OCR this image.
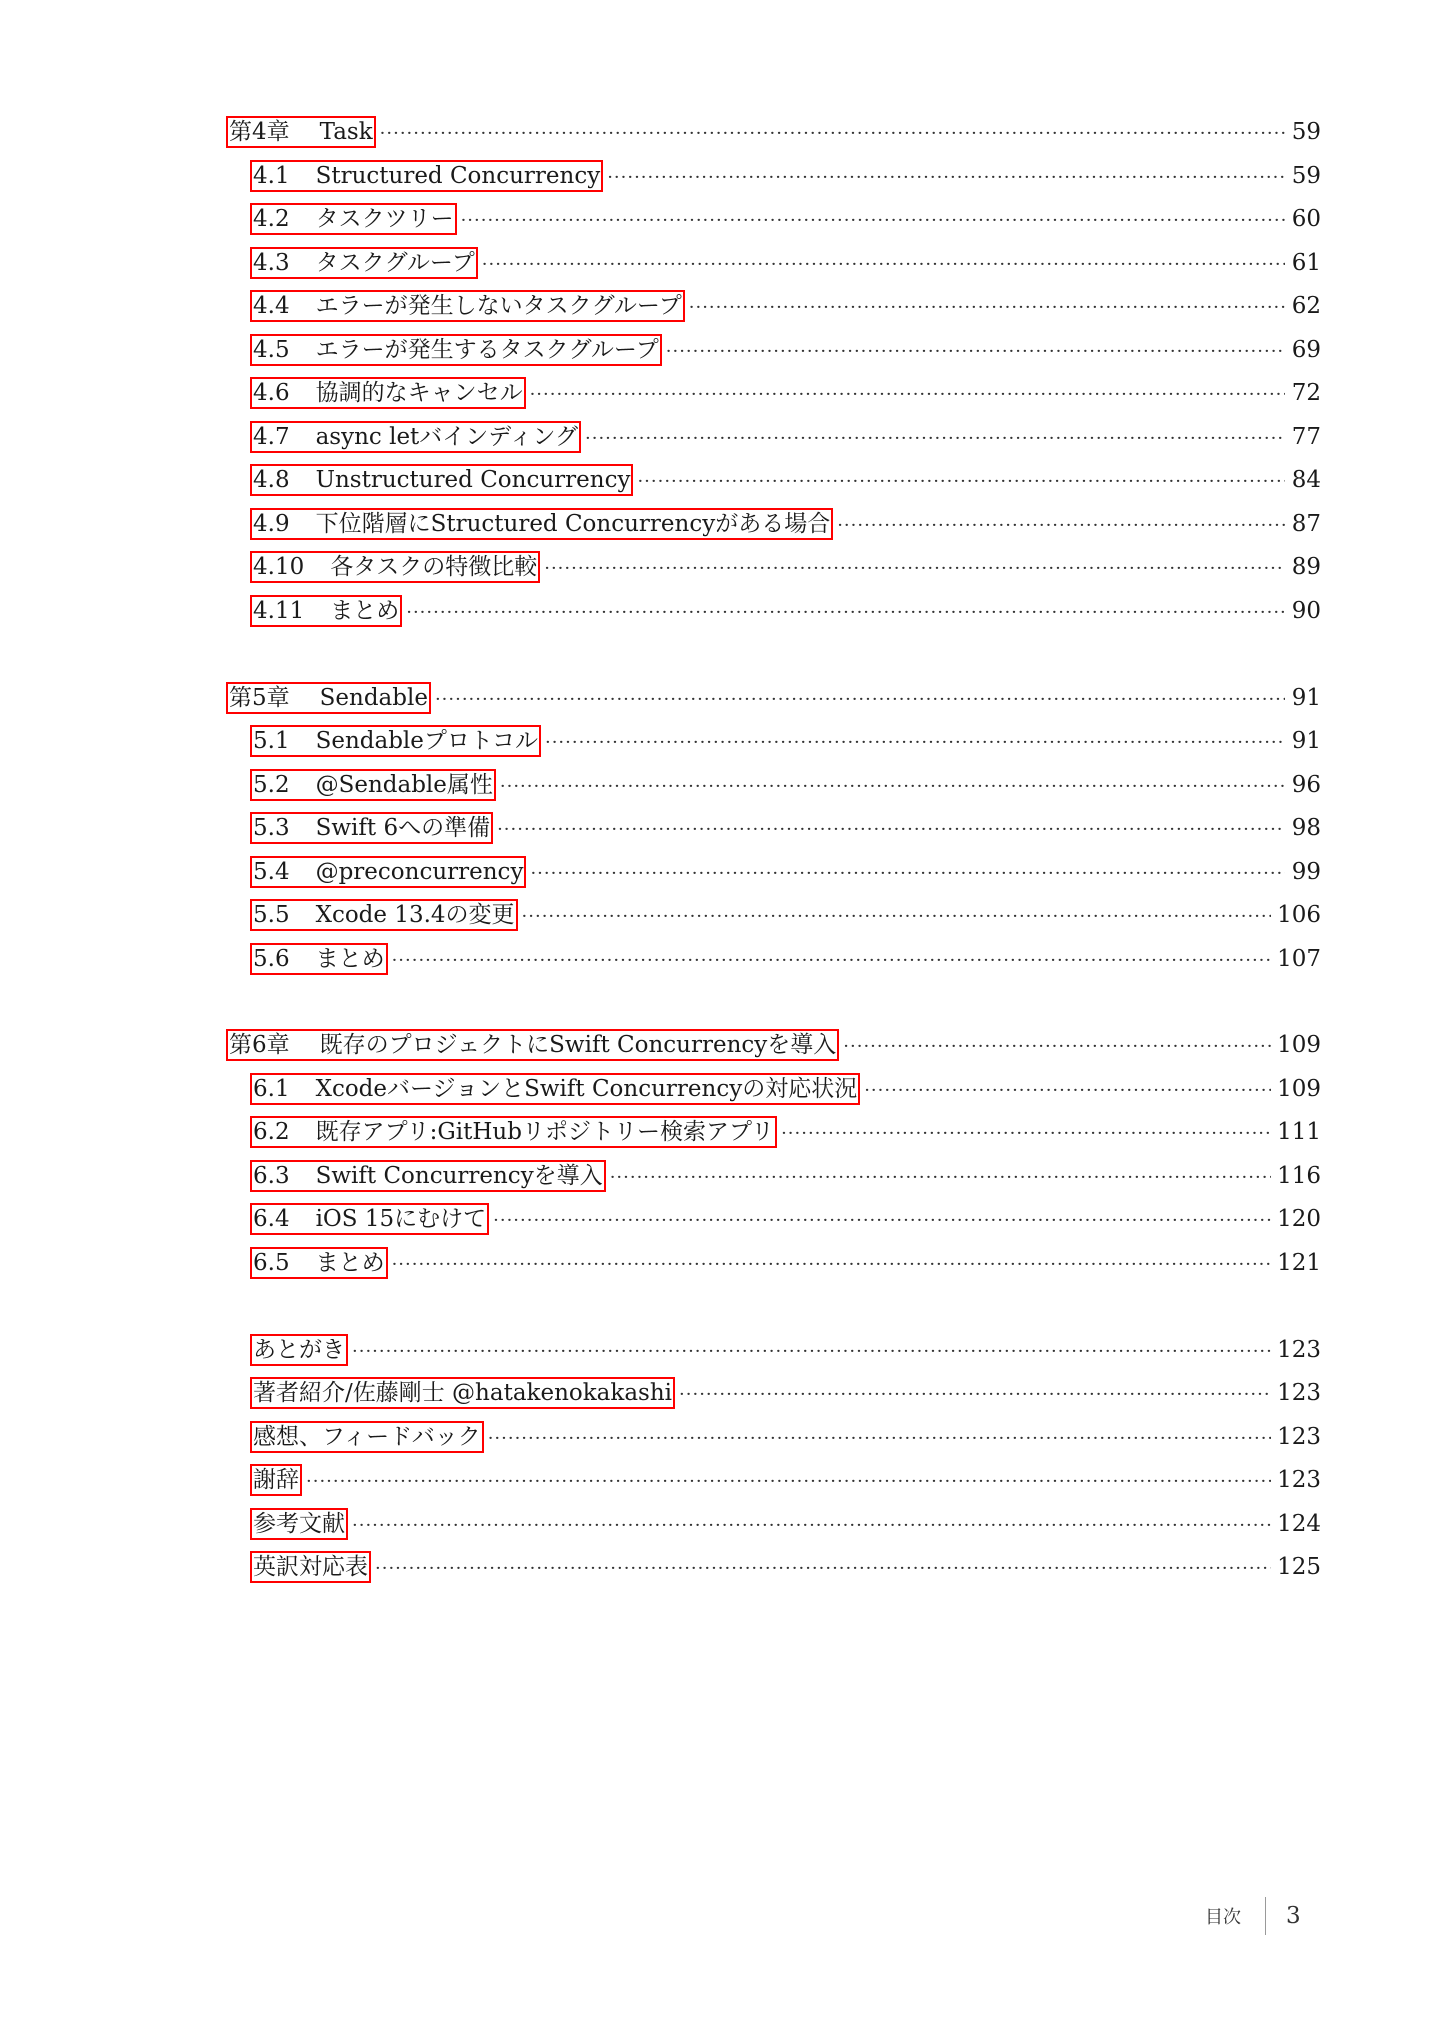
第4章 Task ·····	59
4.1 Structured Concurrency ·····	59
4.2 タスクツリー ·····	60
4.3 タスクグループ ·····	61
4.4 エラーが発生しないタスクグループ ·····	62
4.5 エラーが発生するタスクグループ ·····	69
4.6 協調的なキャンセル ·····	72
4.7 async letバインディング ·····	77
4.8 Unstructured Concurrency ·····	84
4.9 下位階層にStructured Concurrencyがある場合 ·····	87
4.10 各タスクの特徴比較 ·····	89
4.11 まとめ ·····	90
第5章 Sendable ·····	91
5.1 Sendableプロトコル ·····	91
5.2 @Sendable属性 ·····	96
5.3 Swift 6への準備 ·····	98
5.4 @preconcurrency ·····	99
5.5 Xcode 13.4の変更 ·····	106
5.6 まとめ ·····	107
第6章 既存のプロジェクトにSwift Concurrencyを導入 ·····	109
6.1 XcodeバージョンとSwift Concurrencyの対応状況 ·····	109
6.2 既存アプリ:GitHubリポジトリー検索アプリ ·····	111
6.3 Swift Concurrencyを導入 ·····	116
6.4 iOS 15にむけて ·····	120
6.5 まとめ ·····	121
あとがき ·····	123
著者紹介/佐藤剛士 @hatakenokakashi ·····	123
感想、フィードバック ·····	123
謝辞 ·····	123
参考文献 ·····	124
英訳対応表 ·····	125
目次 3
